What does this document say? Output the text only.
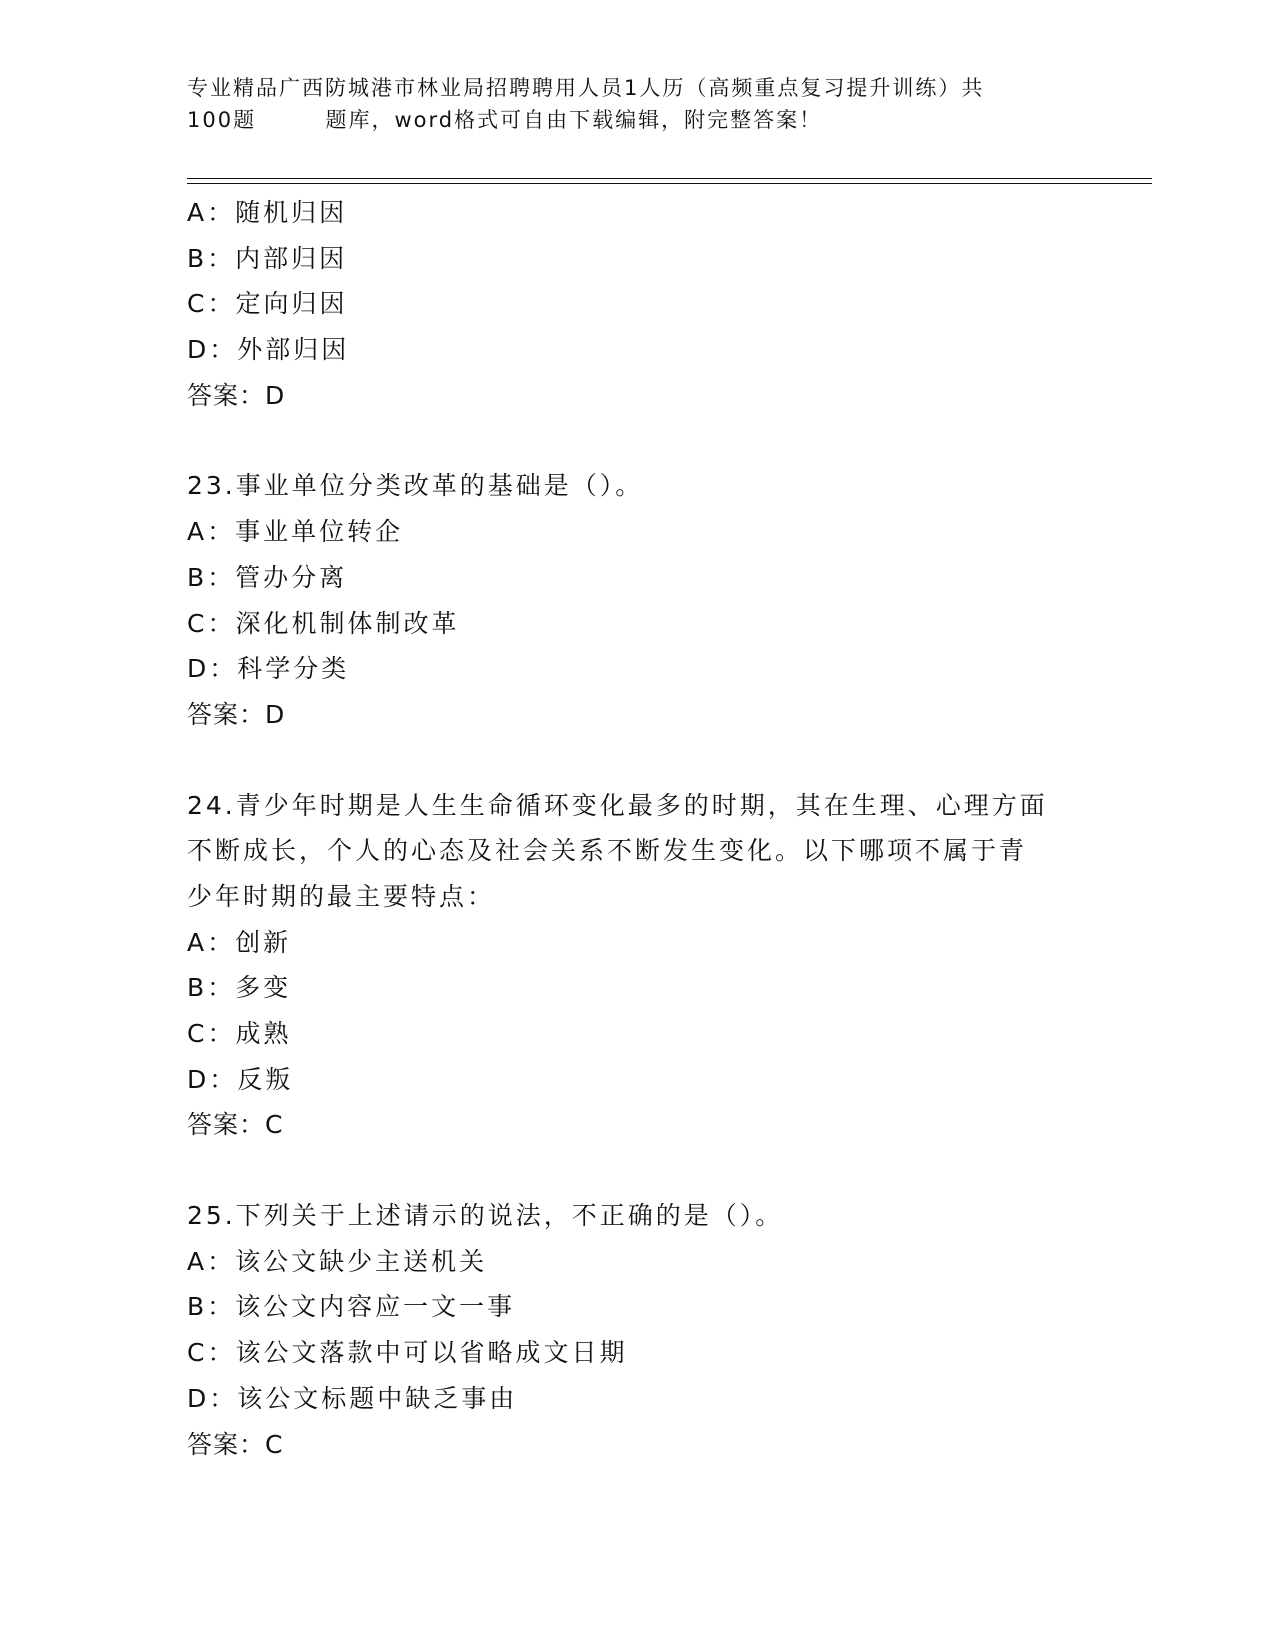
专业精品广西防城港市林业局招聘聘用人员1人历（高频重点复习提升训练）共
100题        题库，word格式可自由下载编辑，附完整答案！
A：随机归因
B：内部归因
C：定向归因
D：外部归因
答案：D
23.事业单位分类改革的基础是（）。
A：事业单位转企
B：管办分离
C：深化机制体制改革
D：科学分类
答案：D
24.青少年时期是人生生命循环变化最多的时期，其在生理、心理方面
不断成长，个人的心态及社会关系不断发生变化。以下哪项不属于青
少年时期的最主要特点：
A：创新
B：多变
C：成熟
D：反叛
答案：C
25.下列关于上述请示的说法，不正确的是（）。
A：该公文缺少主送机关
B：该公文内容应一文一事
C：该公文落款中可以省略成文日期
D：该公文标题中缺乏事由
答案：C
